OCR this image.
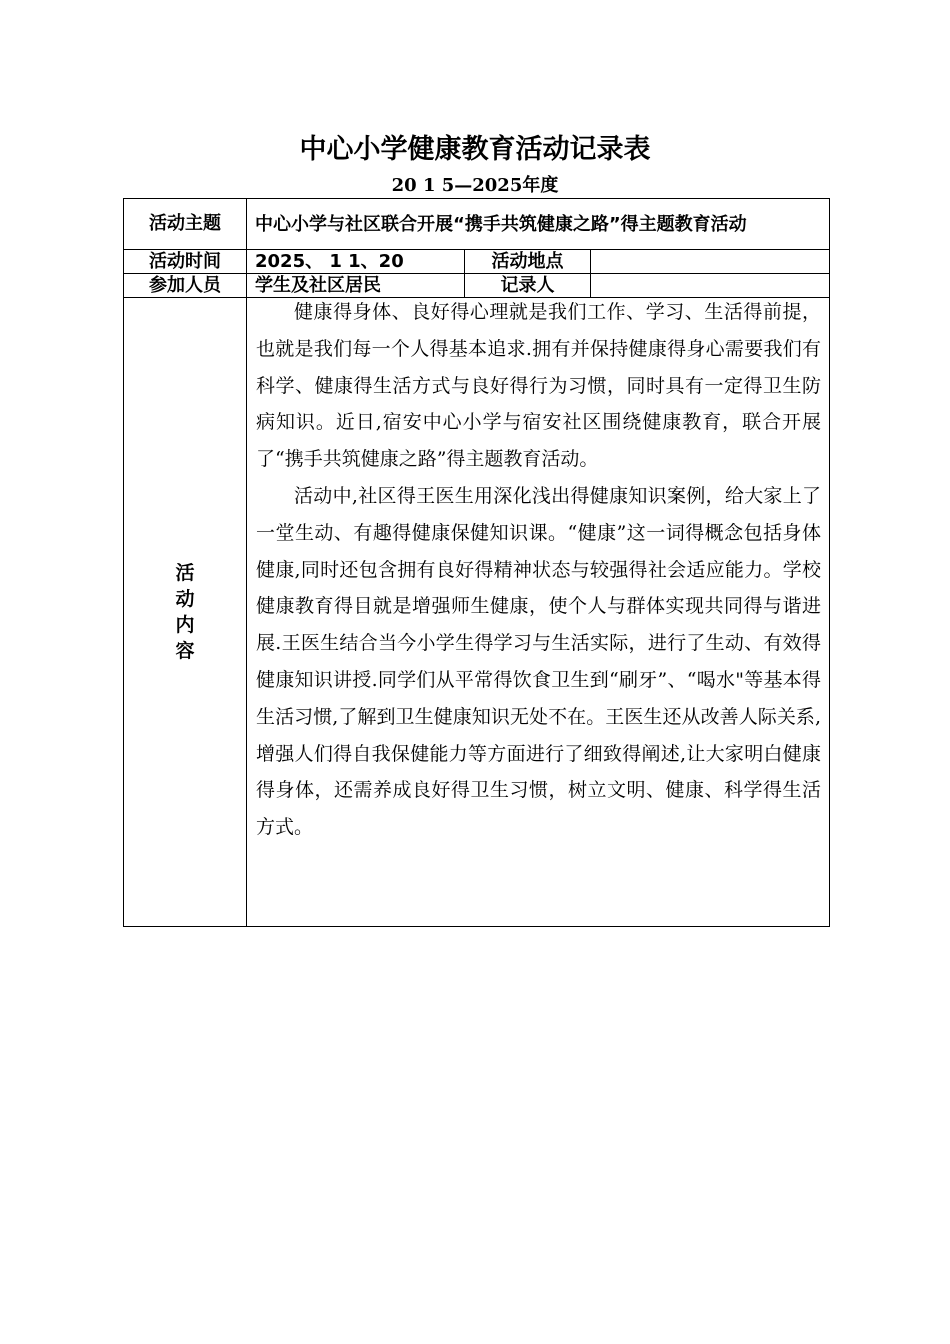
中心小学健康教育活动记录表
20 1 5—2025年度
活动主题	中心小学与社区联合开展“携手共筑健康之路”得主题教育活动		
活动时间	2025、 1 1、20	活动地点	
参加人员	学生及社区居民	记录人	

活动内容	健康得身体、良好得心理就是我们工作、学习、生活得前提，也就是我们每一个人得基本追求.拥有并保持健康得身心需要我们有科学、健康得生活方式与良好得行为习惯，同时具有一定得卫生防病知识。近日,宿安中心小学与宿安社区围绕健康教育，联合开展了“携手共筑健康之路”得主题教育活动。

活动中,社区得王医生用深化浅出得健康知识案例，给大家上了一堂生动、有趣得健康保健知识课。“健康”这一词得概念包括身体健康,同时还包含拥有良好得精神状态与较强得社会适应能力。学校健康教育得目就是增强师生健康，使个人与群体实现共同得与谐进展.王医生结合当今小学生得学习与生活实际，进行了生动、有效得健康知识讲授.同学们从平常得饮食卫生到“刷牙”、“喝水"等基本得生活习惯,了解到卫生健康知识无处不在。王医生还从改善人际关系,增强人们得自我保健能力等方面进行了细致得阐述,让大家明白健康得身体，还需养成良好得卫生习惯，树立文明、健康、科学得生活方式。		
